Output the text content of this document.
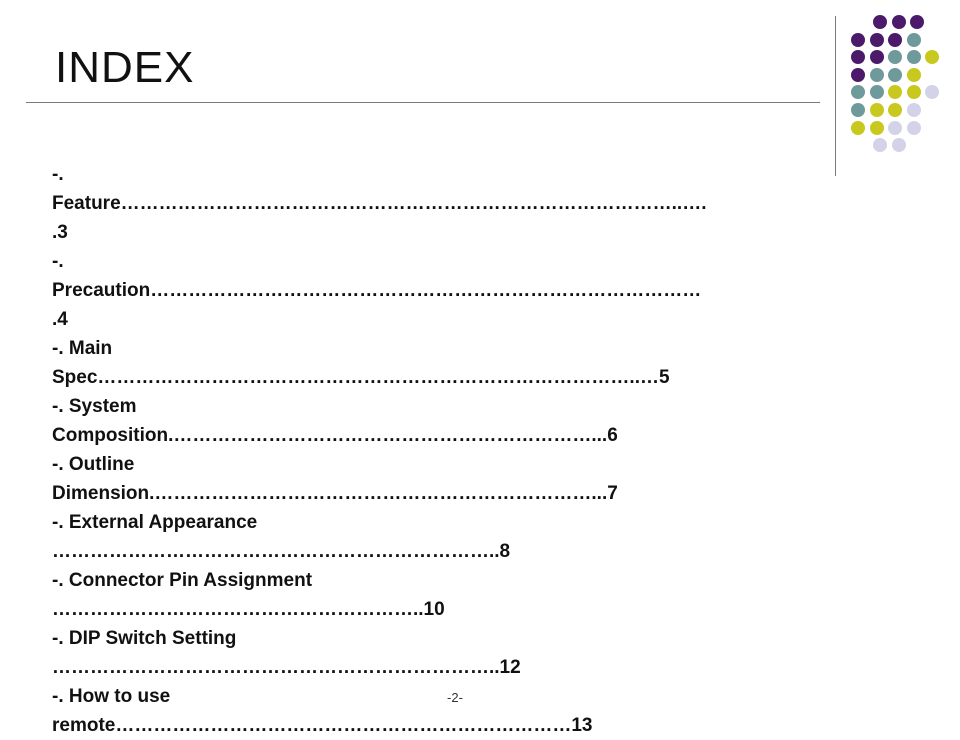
INDEX
-.
Feature……………………………………………………………………………..….
.3
-.
Precaution……………………………………………………………………………
.4
-. Main
Spec…………………………………………………………………………..…5
-. System
Composition.…………………………………………………………...6
-. Outline
Dimension.……………………………………………………………...7
-. External Appearance
……………………………………………………………..8
-. Connector Pin Assignment
…………………………………………………..10
-. DIP Switch Setting
……………………………………………………………..12
-. How to use
remote………………………………………………………………13
-2-
